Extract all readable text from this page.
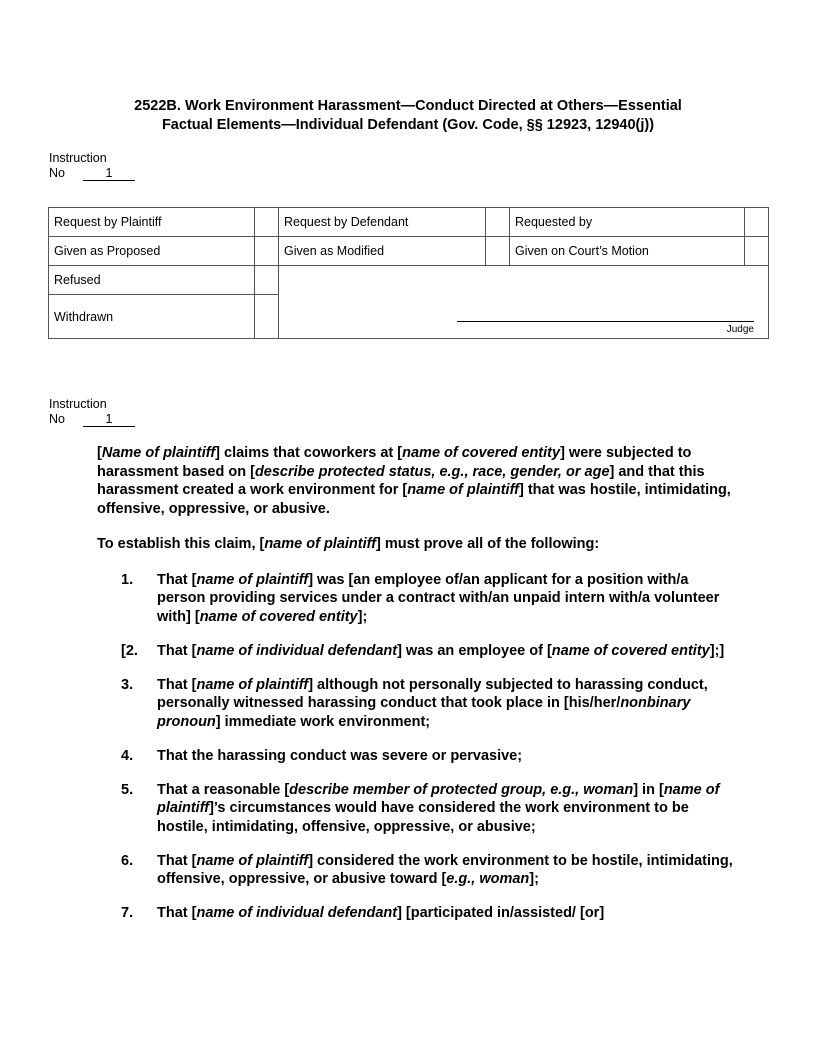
2522B. Work Environment Harassment—Conduct Directed at Others—Essential
Factual Elements—Individual Defendant (Gov. Code, §§ 12923, 12940(j))
Instruction
No	1
Request by Plaintiff		Request by Defendant		Requested by	
Given as Proposed		Given as Modified		Given on Court’s Motion	
Refused		Judge			

Withdrawn					
Instruction
No	1

[Name of plaintiff] claims that coworkers at [name of covered entity] were subjected to harassment based on [describe protected status, e.g., race, gender, or age] and that this harassment created a work environment for [name of plaintiff] that was hostile, intimidating, offensive, oppressive, or abusive.

To establish this claim, [name of plaintiff] must prove all of the following:

1. That [name of plaintiff] was [an employee of/an applicant for a position with/a person providing services under a contract with/an unpaid intern with/a volunteer with] [name of covered entity];
[2. That [name of individual defendant] was an employee of [name of covered entity];]
3. That [name of plaintiff] although not personally subjected to harassing conduct, personally witnessed harassing conduct that took place in [his/her/nonbinary pronoun] immediate work environment;
4. That the harassing conduct was severe or pervasive;
5. That a reasonable [describe member of protected group, e.g., woman] in [name of plaintiff]’s circumstances would have considered the work environment to be hostile, intimidating, offensive, oppressive, or abusive;
6. That [name of plaintiff] considered the work environment to be hostile, intimidating, offensive, oppressive, or abusive toward [e.g., woman];
7. That [name of individual defendant] [participated in/assisted/ [or]
